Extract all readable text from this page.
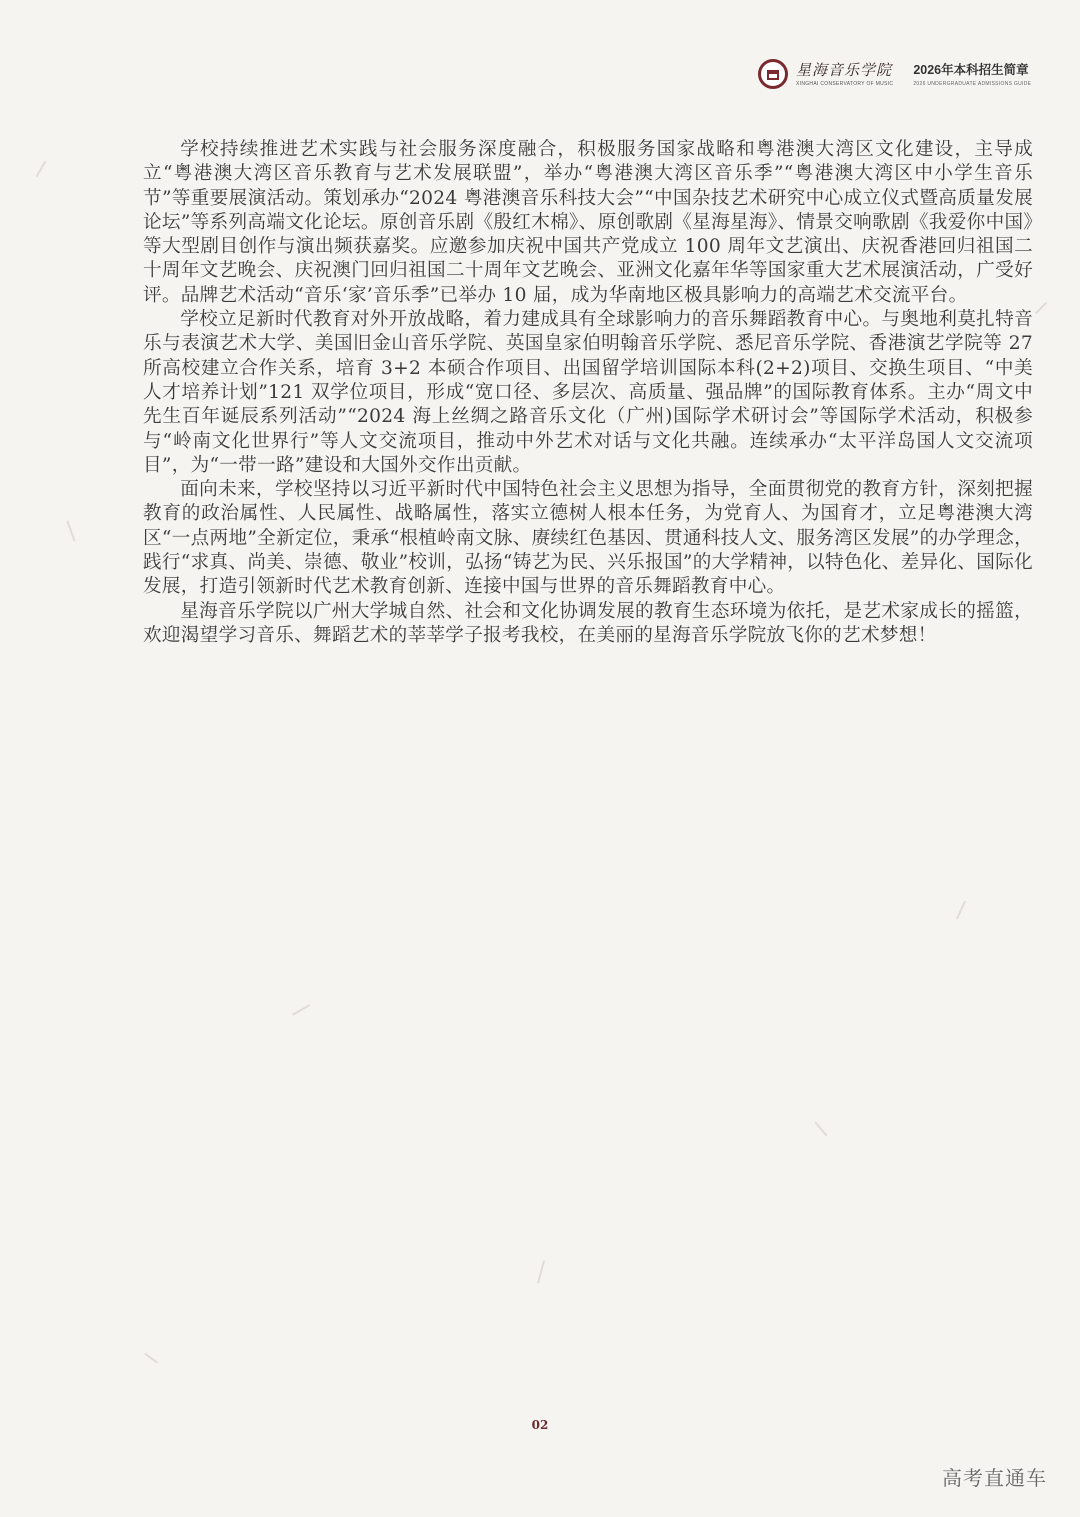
星海音乐学院
XINGHAI CONSERVATORY OF MUSIC
2026年本科招生简章
2026 UNDERGRADUATE ADMISSIONS GUIDE

学校持续推进艺术实践与社会服务深度融合，积极服务国家战略和粤港澳大湾区文化建设，主导成立“粤港澳大湾区音乐教育与艺术发展联盟”，举办“粤港澳大湾区音乐季”“粤港澳大湾区中小学生音乐节”等重要展演活动。策划承办“2024 粤港澳音乐科技大会”“中国杂技艺术研究中心成立仪式暨高质量发展论坛”等系列高端文化论坛。原创音乐剧《殷红木棉》、原创歌剧《星海星海》、情景交响歌剧《我爱你中国》等大型剧目创作与演出频获嘉奖。应邀参加庆祝中国共产党成立 100 周年文艺演出、庆祝香港回归祖国二十周年文艺晚会、庆祝澳门回归祖国二十周年文艺晚会、亚洲文化嘉年华等国家重大艺术展演活动，广受好评。品牌艺术活动“音乐‘家’音乐季”已举办 10 届，成为华南地区极具影响力的高端艺术交流平台。

学校立足新时代教育对外开放战略，着力建成具有全球影响力的音乐舞蹈教育中心。与奥地利莫扎特音乐与表演艺术大学、美国旧金山音乐学院、英国皇家伯明翰音乐学院、悉尼音乐学院、香港演艺学院等 27 所高校建立合作关系，培育 3+2 本硕合作项目、出国留学培训国际本科(2+2)项目、交换生项目、“中美人才培养计划”121 双学位项目，形成“宽口径、多层次、高质量、强品牌”的国际教育体系。主办“周文中先生百年诞辰系列活动”“2024 海上丝绸之路音乐文化（广州)国际学术研讨会”等国际学术活动，积极参与“岭南文化世界行”等人文交流项目，推动中外艺术对话与文化共融。连续承办“太平洋岛国人文交流项目”，为“一带一路”建设和大国外交作出贡献。

面向未来，学校坚持以习近平新时代中国特色社会主义思想为指导，全面贯彻党的教育方针，深刻把握教育的政治属性、人民属性、战略属性，落实立德树人根本任务，为党育人、为国育才，立足粤港澳大湾区“一点两地”全新定位，秉承“根植岭南文脉、赓续红色基因、贯通科技人文、服务湾区发展”的办学理念，践行“求真、尚美、崇德、敬业”校训，弘扬“铸艺为民、兴乐报国”的大学精神，以特色化、差异化、国际化发展，打造引领新时代艺术教育创新、连接中国与世界的音乐舞蹈教育中心。

星海音乐学院以广州大学城自然、社会和文化协调发展的教育生态环境为依托，是艺术家成长的摇篮，欢迎渴望学习音乐、舞蹈艺术的莘莘学子报考我校，在美丽的星海音乐学院放飞你的艺术梦想！

02
高考直通车
